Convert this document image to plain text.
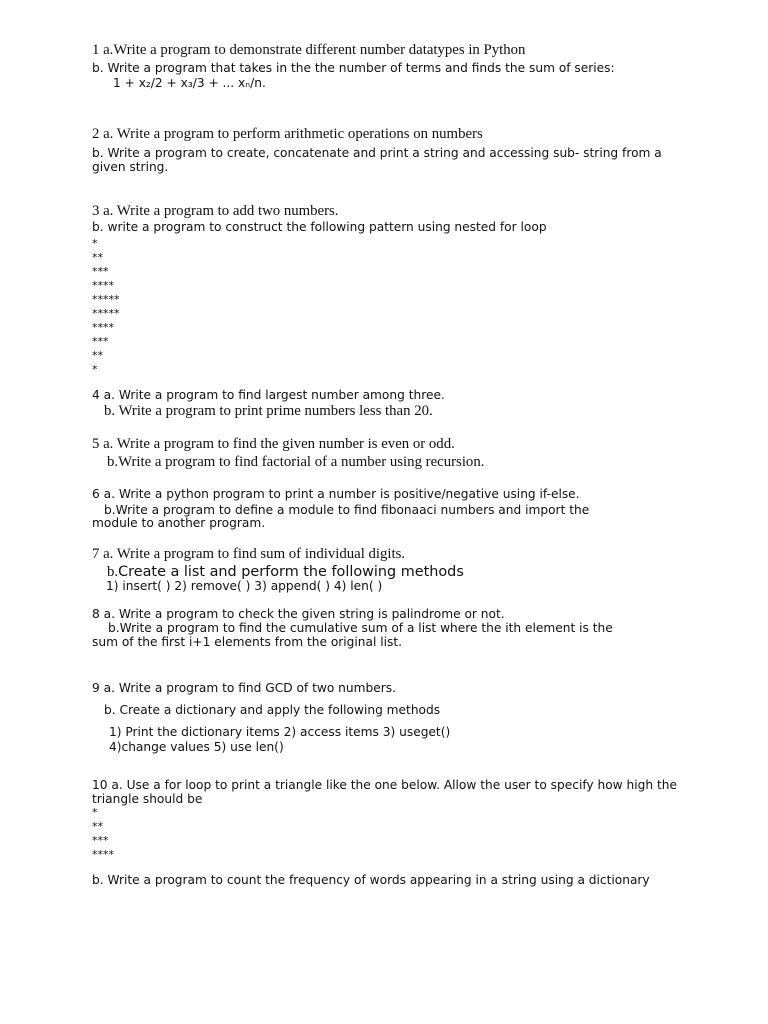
1 a.Write a program to demonstrate different number datatypes in Python
b. Write a program that takes in the the number of terms and finds the sum of series:
1 + x₂/2 + x₃/3 + ... xₙ/n.
2 a. Write a program to perform arithmetic operations on numbers
b. Write a program to create, concatenate and print a string and accessing sub- string from a given string.
3 a. Write a program to add two numbers.
b. write a program to construct the following pattern using nested for loop
*
**
***
****
*****
*****
****
***
**
*
4 a. Write a program to find largest number among three.
b. Write a program to print prime numbers less than 20.
5 a. Write a program to find the given number is even or odd.
b.Write a program to find factorial of a number using recursion.
6 a. Write a python program to print a number is positive/negative using if-else.
b.Write a program to define a module to find fibonaaci numbers and import the
module to another program.
7 a. Write a program to find sum of individual digits.
b.Create a list and perform the following methods
1) insert( ) 2) remove( ) 3) append( ) 4) len( )
8 a. Write a program to check the given string is palindrome or not.
b.Write a program to find the cumulative sum of a list where the ith element is the
sum of the first i+1 elements from the original list.
9 a. Write a program to find GCD of two numbers.
b. Create a dictionary and apply the following methods
1) Print the dictionary items 2) access items 3) useget()
4)change values 5) use len()
10 a. Use a for loop to print a triangle like the one below. Allow the user to specify how high the triangle should be
*
**
***
****
b. Write a program to count the frequency of words appearing in a string using a dictionary
